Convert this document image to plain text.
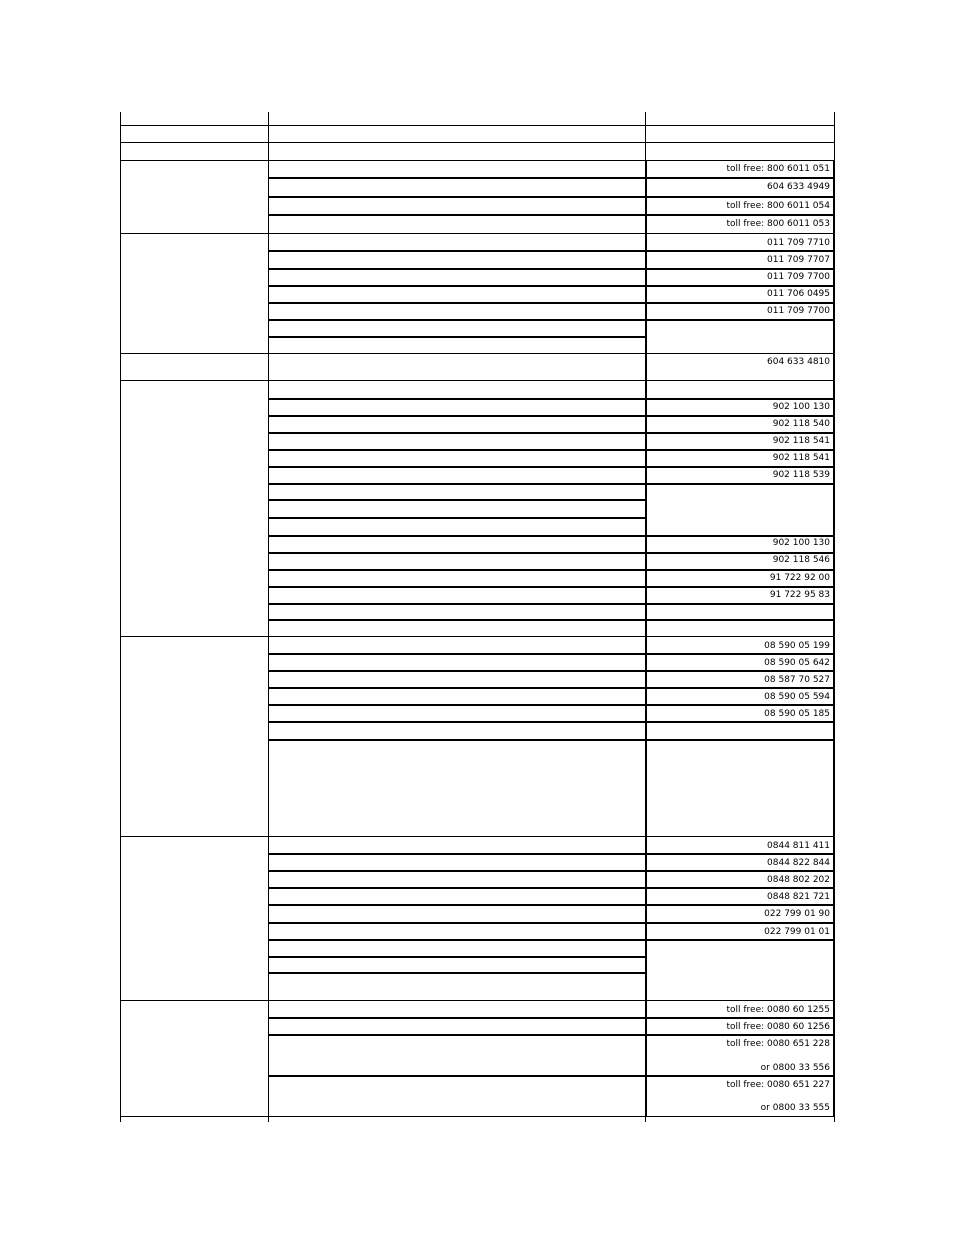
toll free: 800 6011 051
604 633 4949
toll free: 800 6011 054
toll free: 800 6011 053
011 709 7710
011 709 7707
011 709 7700
011 706 0495
011 709 7700
604 633 4810
902 100 130
902 118 540
902 118 541
902 118 541
902 118 539
902 100 130
902 118 546
91 722 92 00
91 722 95 83
08 590 05 199
08 590 05 642
08 587 70 527
08 590 05 594
08 590 05 185
0844 811 411
0844 822 844
0848 802 202
0848 821 721
022 799 01 90
022 799 01 01
toll free: 0080 60 1255
toll free: 0080 60 1256
toll free: 0080 651 228
or 0800 33 556
toll free: 0080 651 227
or 0800 33 555
